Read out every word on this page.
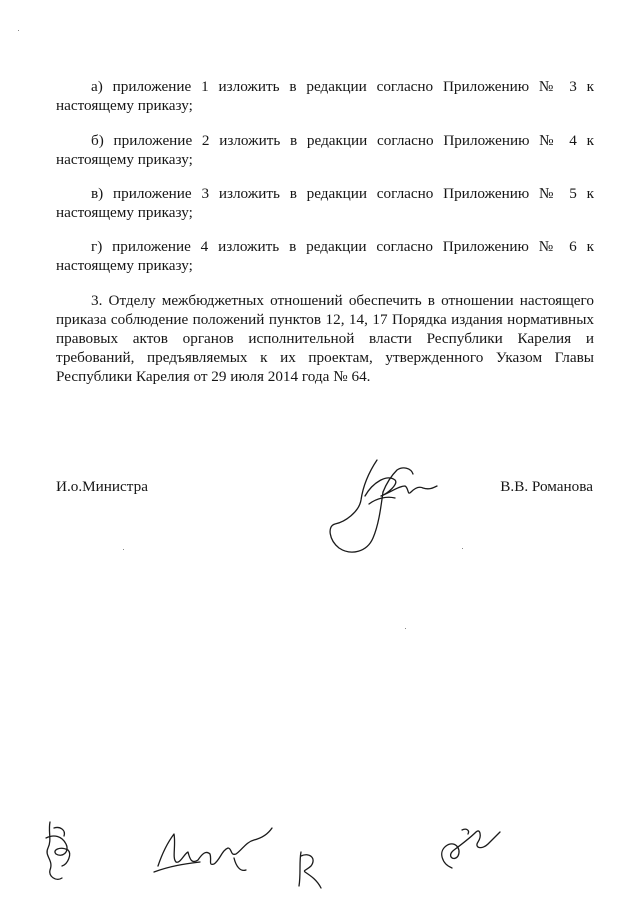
а) приложение 1 изложить в редакции согласно Приложению № 3 к
настоящему приказу;

б) приложение 2 изложить в редакции согласно Приложению № 4 к
настоящему приказу;

в) приложение 3 изложить в редакции согласно Приложению № 5 к
настоящему приказу;

г) приложение 4 изложить в редакции согласно Приложению № 6 к
настоящему приказу;

3. Отделу межбюджетных отношений обеспечить в отношении настоящего приказа соблюдение положений пунктов 12, 14, 17 Порядка издания нормативных правовых актов органов исполнительной власти Республики Карелия и требований, предъявляемых к их проектам, утвержденного Указом Главы Республики Карелия от 29 июля 2014 года № 64.

И.о.Министра	В.В. Романова
